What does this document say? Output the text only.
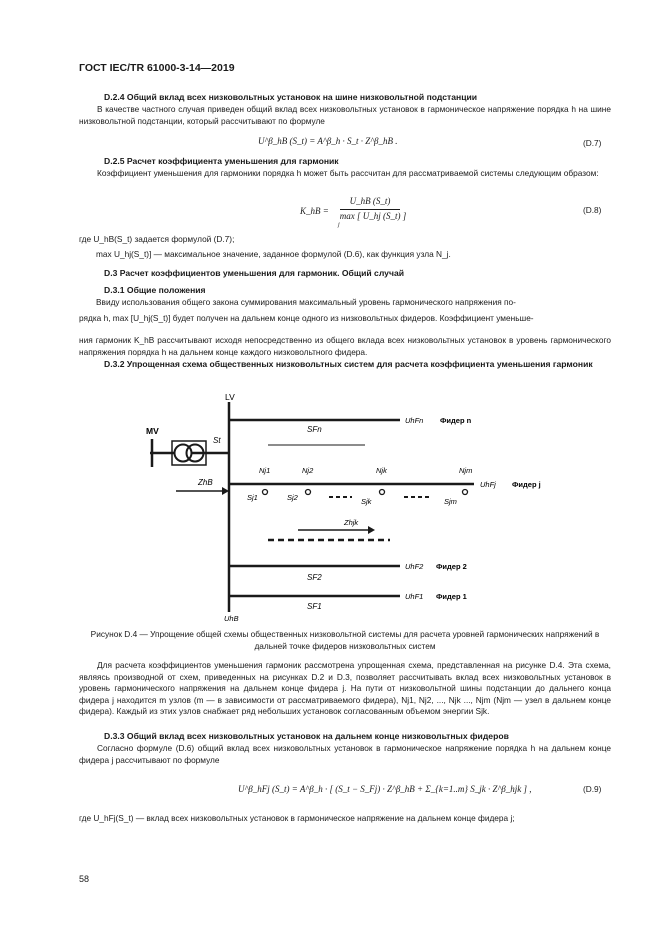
ГОСТ IEC/TR 61000-3-14—2019
D.2.4 Общий вклад всех низковольтных установок на шине низковольтной подстанции
В качестве частного случая приведен общий вклад всех низковольтных установок в гармоническое напряжение порядка h на шине низковольтной подстанции, который рассчитывают по формуле
U^β_hB (S_t) = A^β_h · S_t · Z^β_hB .	(D.7)
D.2.5 Расчет коэффициента уменьшения для гармоник
Коэффициент уменьшения для гармоники порядка h может быть рассчитан для рассматриваемой системы следующим образом:
K_hB =
U_hB (S_t)
max [ U_hj (S_t) ]
j
(D.8)
где U_hB(S_t) задается формулой (D.7);
max U_hj(S_t)] — максимальное значение, заданное формулой (D.6), как функция узла N_j.
D.3 Расчет коэффициентов уменьшения для гармоник. Общий случай
D.3.1 Общие положения
Ввиду использования общего закона суммирования максимальный уровень гармонического напряжения по-
рядка h, max [U_hj(S_t)] будет получен на дальнем конце одного из низковольтных фидеров. Коэффициент уменьше-
ния гармоник K_hB рассчитывают исходя непосредственно из общего вклада всех низковольтных установок в уровень гармонического напряжения порядка h на дальнем конце каждого низковольтного фидера.
D.3.2 Упрощенная схема общественных низковольтных систем для расчета коэффициента уменьшения гармоник
LV
MV
St
ZhB
SFn
UhFn Фидер n
UhFj Фидер j
Nj1
Sj1
Nj2
Sj2
Njk
Sjk
Njm
Sjm
Zhjk
SF2
UhF2 Фидер 2
SF1
UhF1 Фидер 1
UhB
Рисунок D.4 — Упрощение общей схемы общественных низковольтной системы для расчета уровней гармонических напряжений в дальней точке фидеров низковольтных систем
Для расчета коэффициентов уменьшения гармоник рассмотрена упрощенная схема, представленная на рисунке D.4. Эта схема, являясь производной от схем, приведенных на рисунках D.2 и D.3, позволяет рассчитывать вклад всех низковольтных установок в уровень гармонического напряжения на дальнем конце фидера j. На пути от низковольтной шины подстанции до дальнего конца фидера j находится m узлов (m — в зависимости от рассматриваемого фидера), Nj1, Nj2, ..., Njk ..., Njm (Njm — узел в дальнем конце фидера). Каждый из этих узлов снабжает ряд небольших установок согласованным объемом энергии Sjk.
D.3.3 Общий вклад всех низковольтных установок на дальнем конце низковольтных фидеров
Согласно формуле (D.6) общий вклад всех низковольтных установок в гармоническое напряжение порядка h на дальнем конце фидера j рассчитывают по формуле
U^β_hFj (S_t) = A^β_h · [ (S_t − S_Fj) · Z^β_hB + Σ_{k=1..m} S_jk · Z^β_hjk ] ,	(D.9)
где U_hFj(S_t) — вклад всех низковольтных установок в гармоническое напряжение на дальнем конце фидера j;
58
